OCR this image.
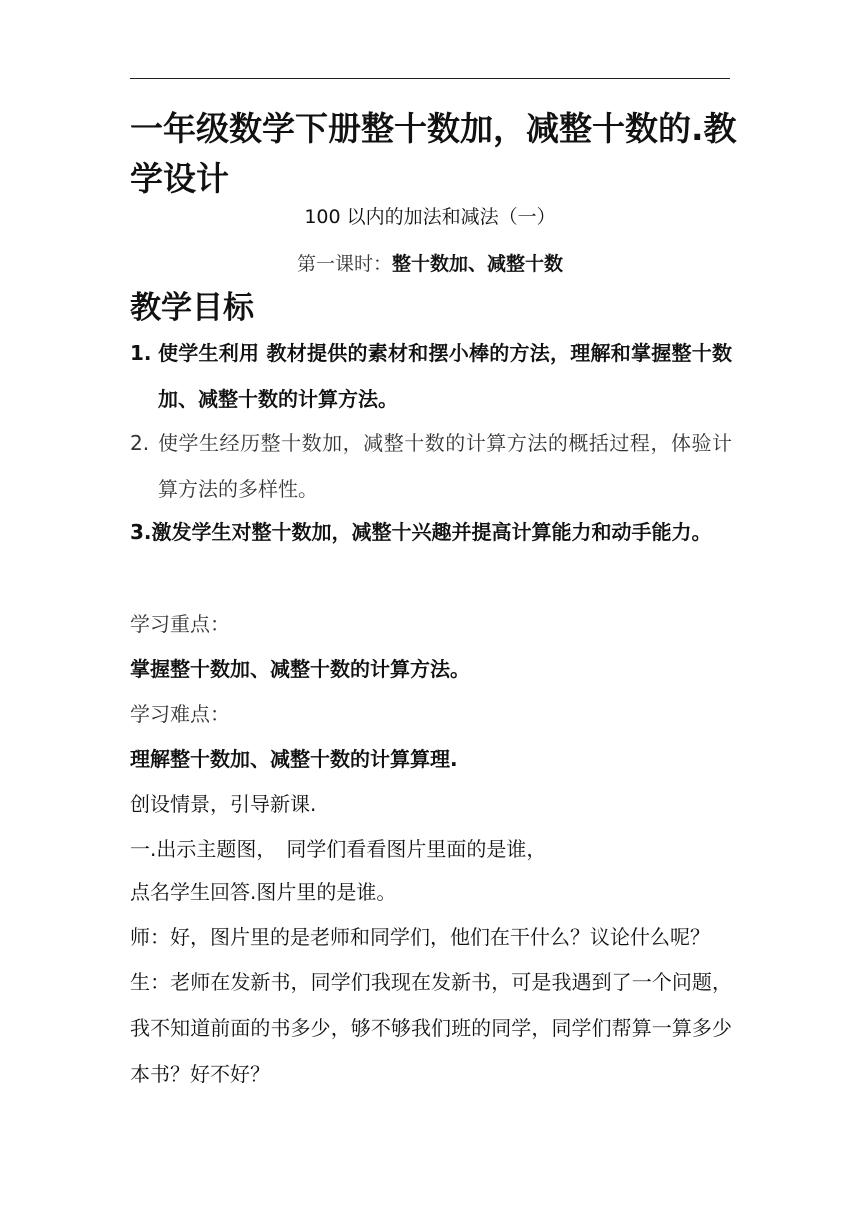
一年级数学下册整十数加，减整十数的.教学设计

100 以内的加法和减法（一）

第一课时：整十数加、减整十数

教学目标
1. 使学生利用 教材提供的素材和摆小棒的方法，理解和掌握整十数加、减整十数的计算方法。
2. 使学生经历整十数加，减整十数的计算方法的概括过程，体验计算方法的多样性。

3.激发学生对整十数加，减整十兴趣并提高计算能力和动手能力。

学习重点：

掌握整十数加、减整十数的计算方法。

学习难点：

理解整十数加、减整十数的计算算理.

创设情景，引导新课.

一.出示主题图，　同学们看看图片里面的是谁，

点名学生回答.图片里的是谁。

师：好，图片里的是老师和同学们，他们在干什么？议论什么呢？

生：老师在发新书，同学们我现在发新书，可是我遇到了一个问题，我不知道前面的书多少，够不够我们班的同学，同学们帮算一算多少本书？好不好？
